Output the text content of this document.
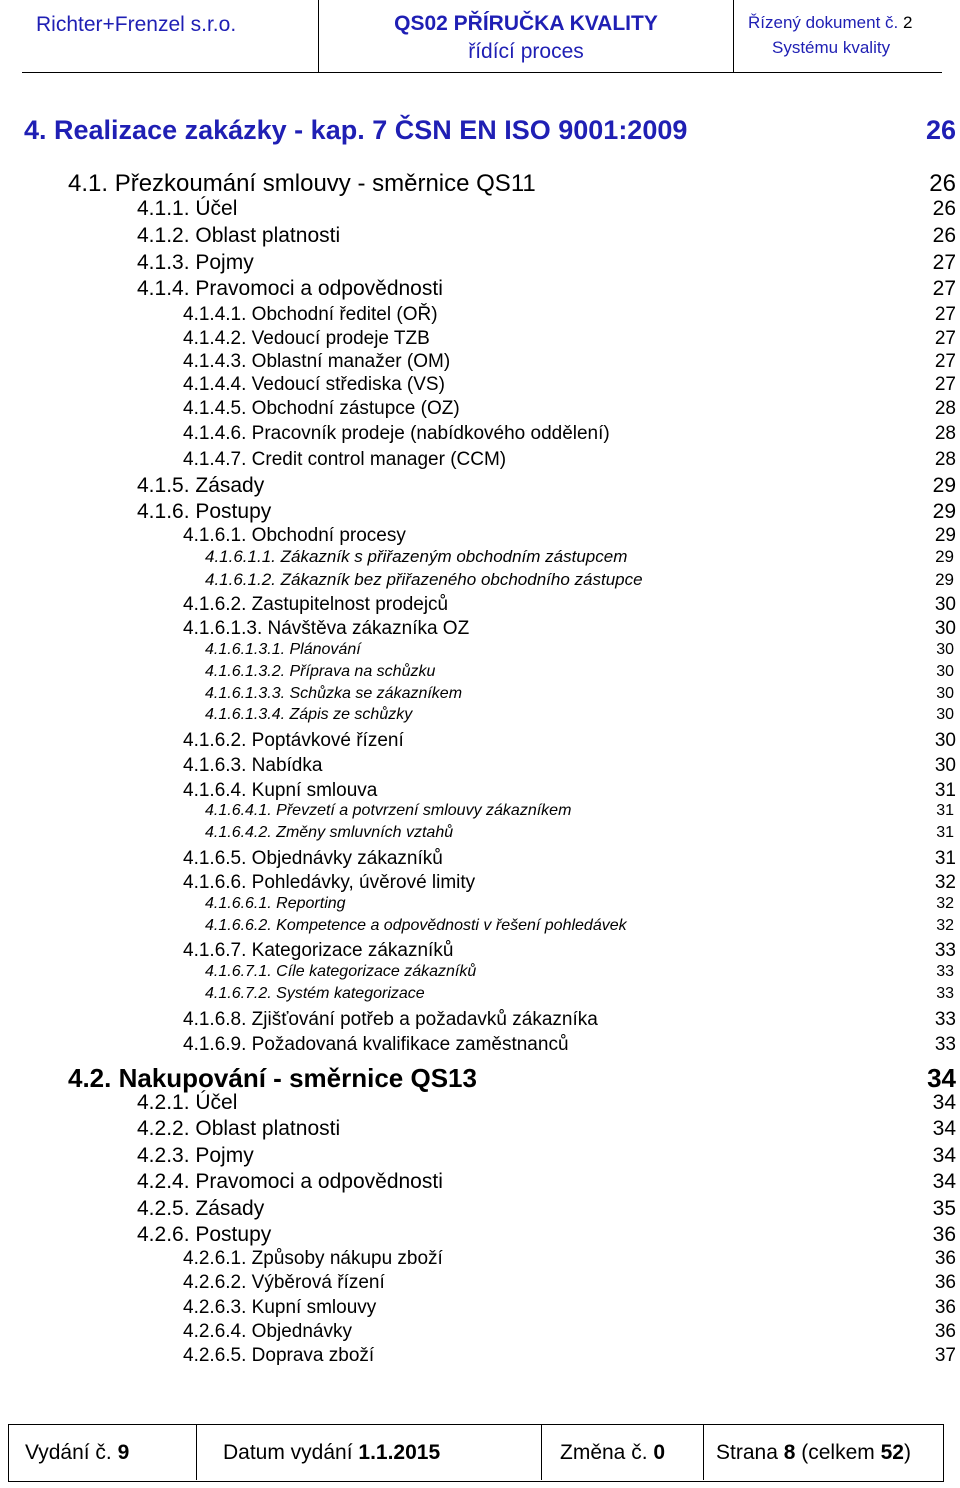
Richter+Frenzel s.r.o.	QS02 PŘÍRUČKA KVALITY
řídící proces
Řízený dokument č. 2
Systému kvality
4. Realizace zakázky - kap. 7 ČSN EN ISO 9001:2009	26
4.1. Přezkoumání smlouvy - směrnice QS11	26
4.1.1. Účel	26
4.1.2. Oblast platnosti	26
4.1.3. Pojmy	27
4.1.4. Pravomoci a odpovědnosti	27
4.1.4.1. Obchodní ředitel (OŘ)	27
4.1.4.2. Vedoucí prodeje TZB	27
4.1.4.3. Oblastní manažer (OM)	27
4.1.4.4. Vedoucí střediska (VS)	27
4.1.4.5. Obchodní zástupce (OZ)	28
4.1.4.6. Pracovník prodeje (nabídkového oddělení)	28
4.1.4.7. Credit control manager (CCM)	28
4.1.5. Zásady	29
4.1.6. Postupy	29
4.1.6.1. Obchodní procesy	29
4.1.6.1.1. Zákazník s přiřazeným obchodním zástupcem	29
4.1.6.1.2. Zákazník bez přiřazeného obchodního zástupce	29
4.1.6.2. Zastupitelnost prodejců	30
4.1.6.1.3. Návštěva zákazníka OZ	30
4.1.6.1.3.1. Plánování	30
4.1.6.1.3.2. Příprava na schůzku	30
4.1.6.1.3.3. Schůzka se zákazníkem	30
4.1.6.1.3.4. Zápis ze schůzky	30
4.1.6.2. Poptávkové řízení	30
4.1.6.3. Nabídka	30
4.1.6.4. Kupní smlouva	31
4.1.6.4.1. Převzetí a potvrzení smlouvy zákazníkem	31
4.1.6.4.2. Změny smluvních vztahů	31
4.1.6.5. Objednávky zákazníků	31
4.1.6.6. Pohledávky, úvěrové limity	32
4.1.6.6.1. Reporting	32
4.1.6.6.2. Kompetence a odpovědnosti v řešení pohledávek	32
4.1.6.7. Kategorizace zákazníků	33
4.1.6.7.1. Cíle kategorizace zákazníků	33
4.1.6.7.2. Systém kategorizace	33
4.1.6.8. Zjišťování potřeb a požadavků zákazníka	33
4.1.6.9. Požadovaná kvalifikace zaměstnanců	33
4.2. Nakupování - směrnice QS13	34
4.2.1. Účel	34
4.2.2. Oblast platnosti	34
4.2.3. Pojmy	34
4.2.4. Pravomoci a odpovědnosti	34
4.2.5. Zásady	35
4.2.6. Postupy	36
4.2.6.1. Způsoby nákupu zboží	36
4.2.6.2. Výběrová řízení	36
4.2.6.3. Kupní smlouvy	36
4.2.6.4. Objednávky	36
4.2.6.5. Doprava zboží	37
Vydání č. 9	Datum vydání 1.1.2015	Změna č. 0	Strana 8 (celkem 52)
